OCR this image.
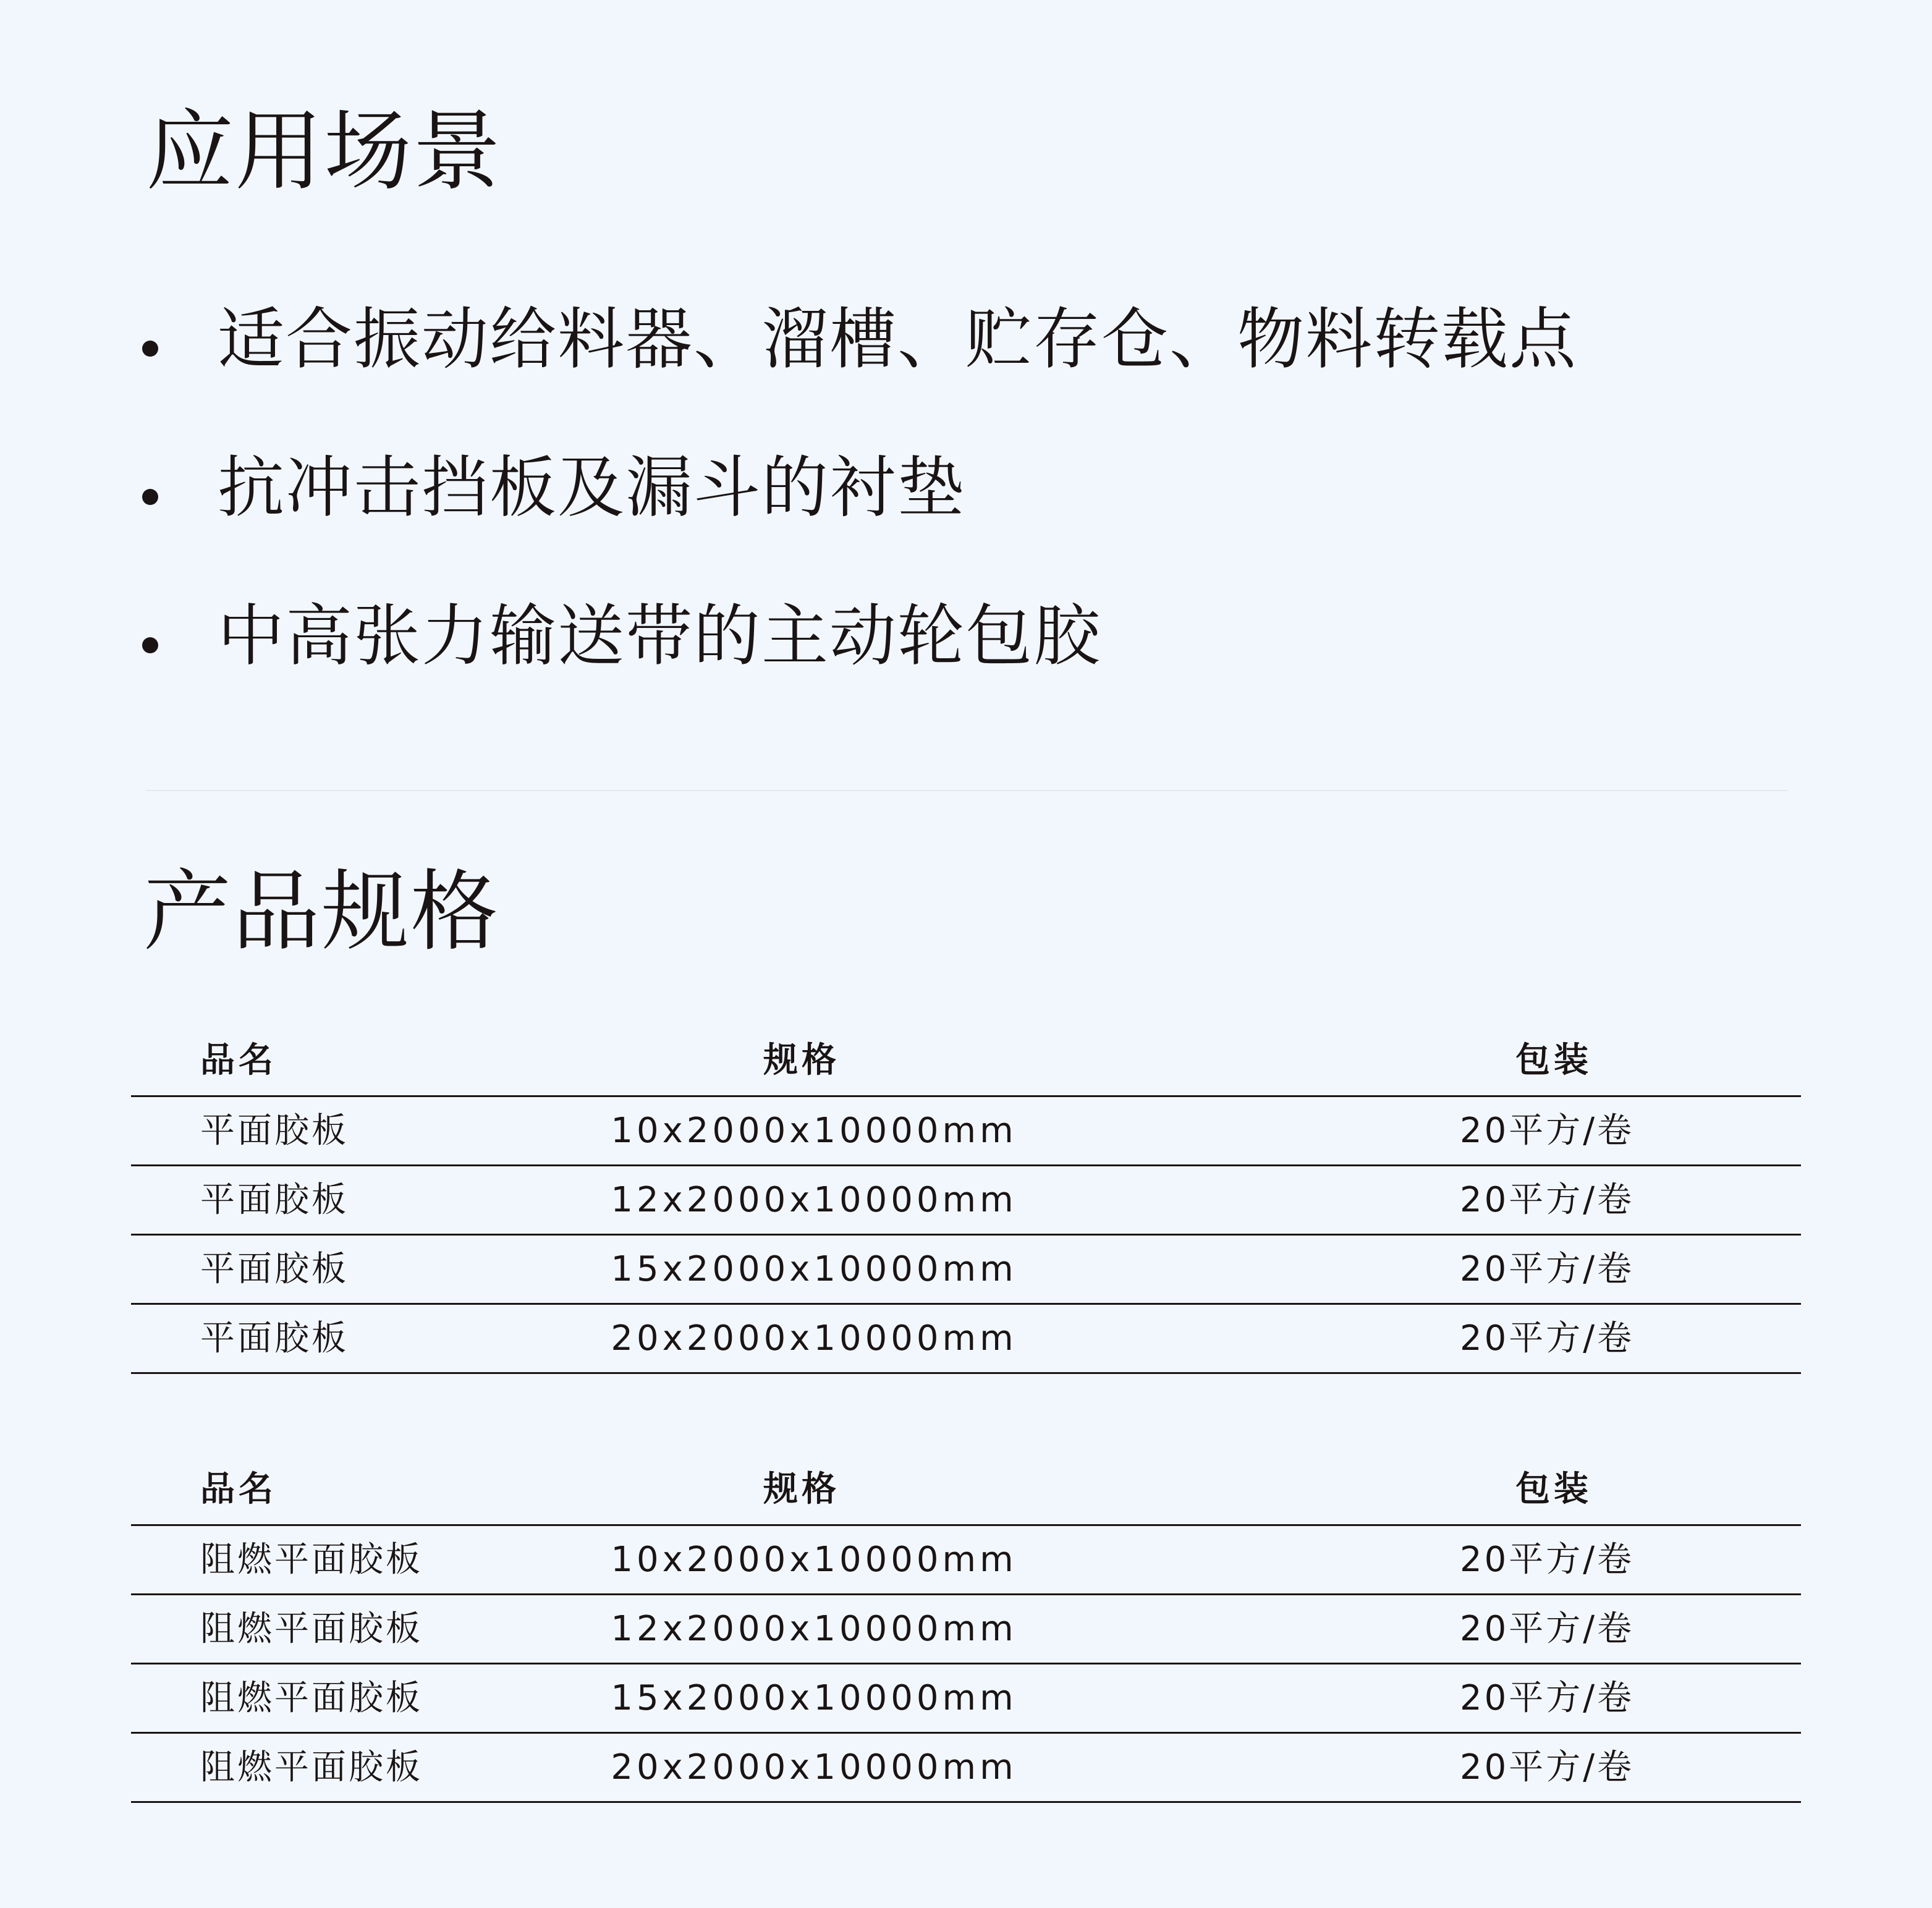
应用场景
适合振动给料器、溜槽、贮存仓、物料转载点
抗冲击挡板及漏斗的衬垫
中高张力输送带的主动轮包胶
产品规格
品名	规格	包装
平面胶板	10x2000x10000mm	20平方/卷
平面胶板	12x2000x10000mm	20平方/卷
平面胶板	15x2000x10000mm	20平方/卷
平面胶板	20x2000x10000mm	20平方/卷
品名	规格	包装
阻燃平面胶板	10x2000x10000mm	20平方/卷
阻燃平面胶板	12x2000x10000mm	20平方/卷
阻燃平面胶板	15x2000x10000mm	20平方/卷
阻燃平面胶板	20x2000x10000mm	20平方/卷
